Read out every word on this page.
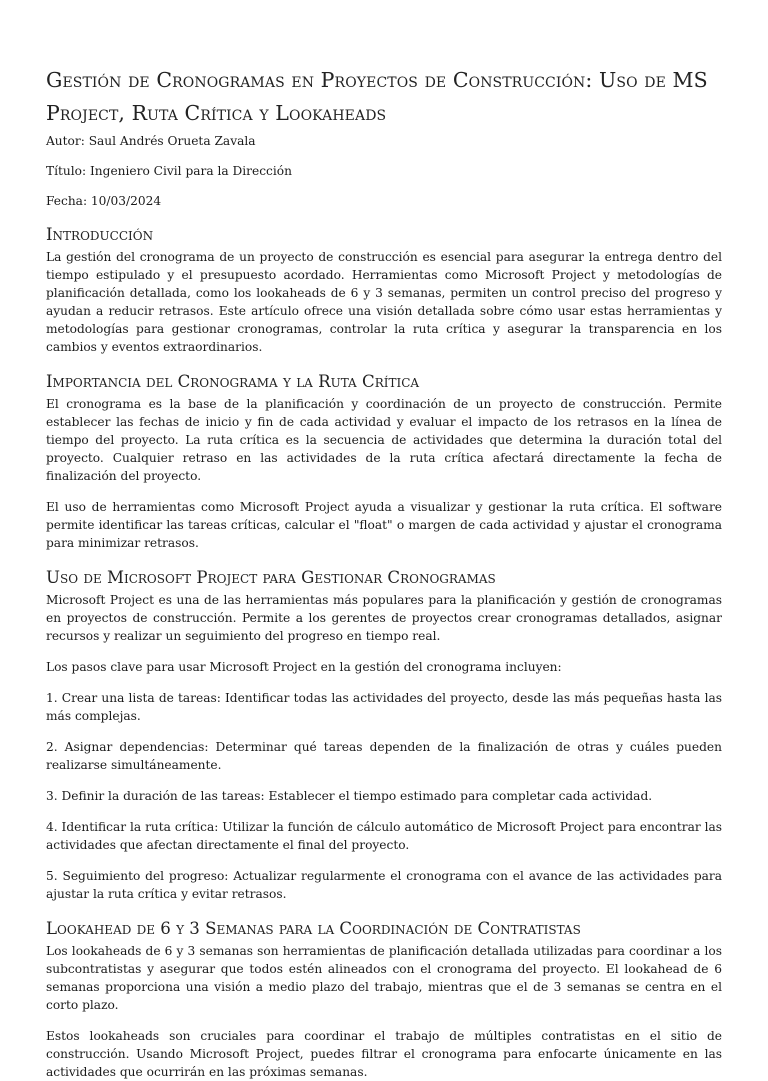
Gestión de Cronogramas en Proyectos de Construcción: Uso de MS Project, Ruta Crítica y Lookaheads

Autor: Saul Andrés Orueta Zavala

Título: Ingeniero Civil para la Dirección

Fecha: 10/03/2024

Introducción

La gestión del cronograma de un proyecto de construcción es esencial para asegurar la entrega dentro del tiempo estipulado y el presupuesto acordado. Herramientas como Microsoft Project y metodologías de planificación detallada, como los lookaheads de 6 y 3 semanas, permiten un control preciso del progreso y ayudan a reducir retrasos. Este artículo ofrece una visión detallada sobre cómo usar estas herramientas y metodologías para gestionar cronogramas, controlar la ruta crítica y asegurar la transparencia en los cambios y eventos extraordinarios.

Importancia del Cronograma y la Ruta Crítica

El cronograma es la base de la planificación y coordinación de un proyecto de construcción. Permite establecer las fechas de inicio y fin de cada actividad y evaluar el impacto de los retrasos en la línea de tiempo del proyecto. La ruta crítica es la secuencia de actividades que determina la duración total del proyecto. Cualquier retraso en las actividades de la ruta crítica afectará directamente la fecha de finalización del proyecto.

El uso de herramientas como Microsoft Project ayuda a visualizar y gestionar la ruta crítica. El software permite identificar las tareas críticas, calcular el "float" o margen de cada actividad y ajustar el cronograma para minimizar retrasos.

Uso de Microsoft Project para Gestionar Cronogramas

Microsoft Project es una de las herramientas más populares para la planificación y gestión de cronogramas en proyectos de construcción. Permite a los gerentes de proyectos crear cronogramas detallados, asignar recursos y realizar un seguimiento del progreso en tiempo real.

Los pasos clave para usar Microsoft Project en la gestión del cronograma incluyen:

1. Crear una lista de tareas: Identificar todas las actividades del proyecto, desde las más pequeñas hasta las más complejas.

2. Asignar dependencias: Determinar qué tareas dependen de la finalización de otras y cuáles pueden realizarse simultáneamente.

3. Definir la duración de las tareas: Establecer el tiempo estimado para completar cada actividad.

4. Identificar la ruta crítica: Utilizar la función de cálculo automático de Microsoft Project para encontrar las actividades que afectan directamente el final del proyecto.

5. Seguimiento del progreso: Actualizar regularmente el cronograma con el avance de las actividades para ajustar la ruta crítica y evitar retrasos.

Lookahead de 6 y 3 Semanas para la Coordinación de Contratistas

Los lookaheads de 6 y 3 semanas son herramientas de planificación detallada utilizadas para coordinar a los subcontratistas y asegurar que todos estén alineados con el cronograma del proyecto. El lookahead de 6 semanas proporciona una visión a medio plazo del trabajo, mientras que el de 3 semanas se centra en el corto plazo.

Estos lookaheads son cruciales para coordinar el trabajo de múltiples contratistas en el sitio de construcción. Usando Microsoft Project, puedes filtrar el cronograma para enfocarte únicamente en las actividades que ocurrirán en las próximas semanas.
